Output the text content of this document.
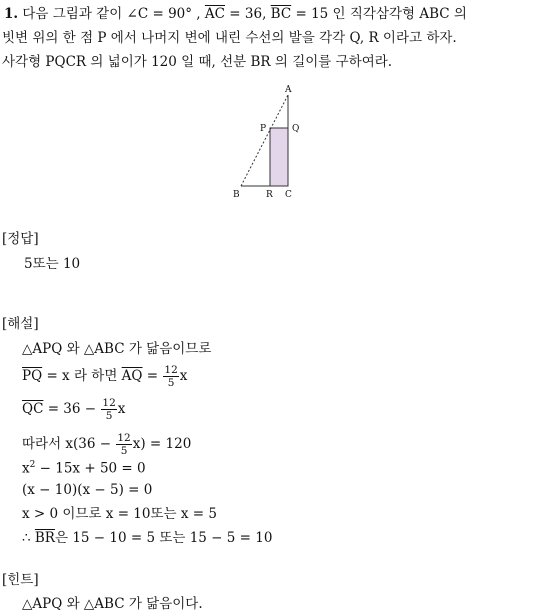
1. 다음 그림과 같이 ∠C = 90° , $\overline{AC} = 36$, $\overline{BC} = 15$ 인 직각삼각형 ABC 의
빗변 위의 한 점 P 에서 나머지 변에 내린 수선의 발을 각각 Q, R 이라고 하자.
사각형 PQCR 의 넓이가 120 일 때, 선분 BR 의 길이를 구하여라.
A
P	Q
B	R C
[정답]
5또는 10
[해설]
△APQ 와 △ABC 가 닮음이므로
$\overline{PQ} = x$ 라 하면 $\overline{AQ} = \frac{12}{5}$ x
$\overline{QC} = 36 - \frac{12}{5}$ x
따라서 $x(36 - \frac{12}{5} x) = 120$
$x^2 - 15x + 50 = 0$
(x − 10)(x − 5) = 0
x > 0 이므로 x = 10또는 x = 5
∴ $\overline{BR}$은 15 − 10 = 5 또는 15 − 5 = 10
[힌트]
△APQ 와 △ABC 가 닮음이다.
